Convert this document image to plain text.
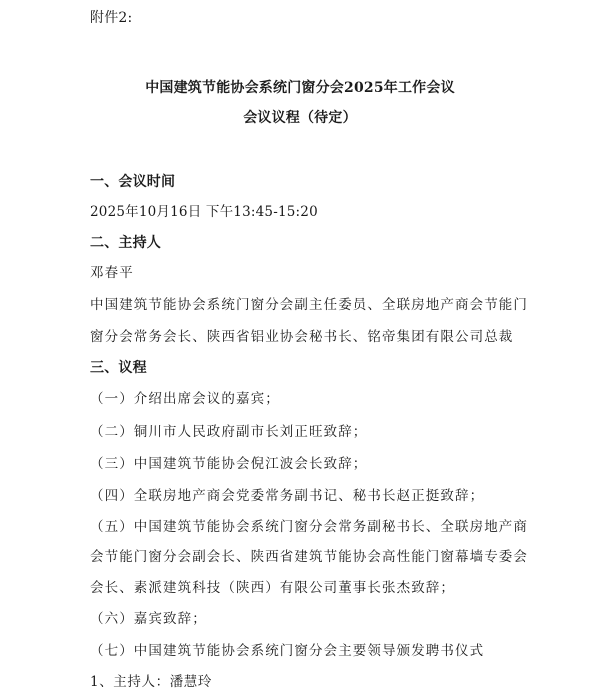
附件2:
中国建筑节能协会系统门窗分会2025年工作会议
会议议程（待定）
一、会议时间
2025年10月16日 下午13:45-15:20
二、主持人
邓春平
中国建筑节能协会系统门窗分会副主任委员、全联房地产商会节能门
窗分会常务会长、陕西省铝业协会秘书长、铭帝集团有限公司总裁
三、议程
（一）介绍出席会议的嘉宾；
（二）铜川市人民政府副市长刘正旺致辞；
（三）中国建筑节能协会倪江波会长致辞；
（四）全联房地产商会党委常务副书记、秘书长赵正挺致辞；
（五）中国建筑节能协会系统门窗分会常务副秘书长、全联房地产商
会节能门窗分会副会长、陕西省建筑节能协会高性能门窗幕墙专委会
会长、素派建筑科技（陕西）有限公司董事长张杰致辞；
（六）嘉宾致辞；
（七）中国建筑节能协会系统门窗分会主要领导颁发聘书仪式
1、主持人：潘慧玲
